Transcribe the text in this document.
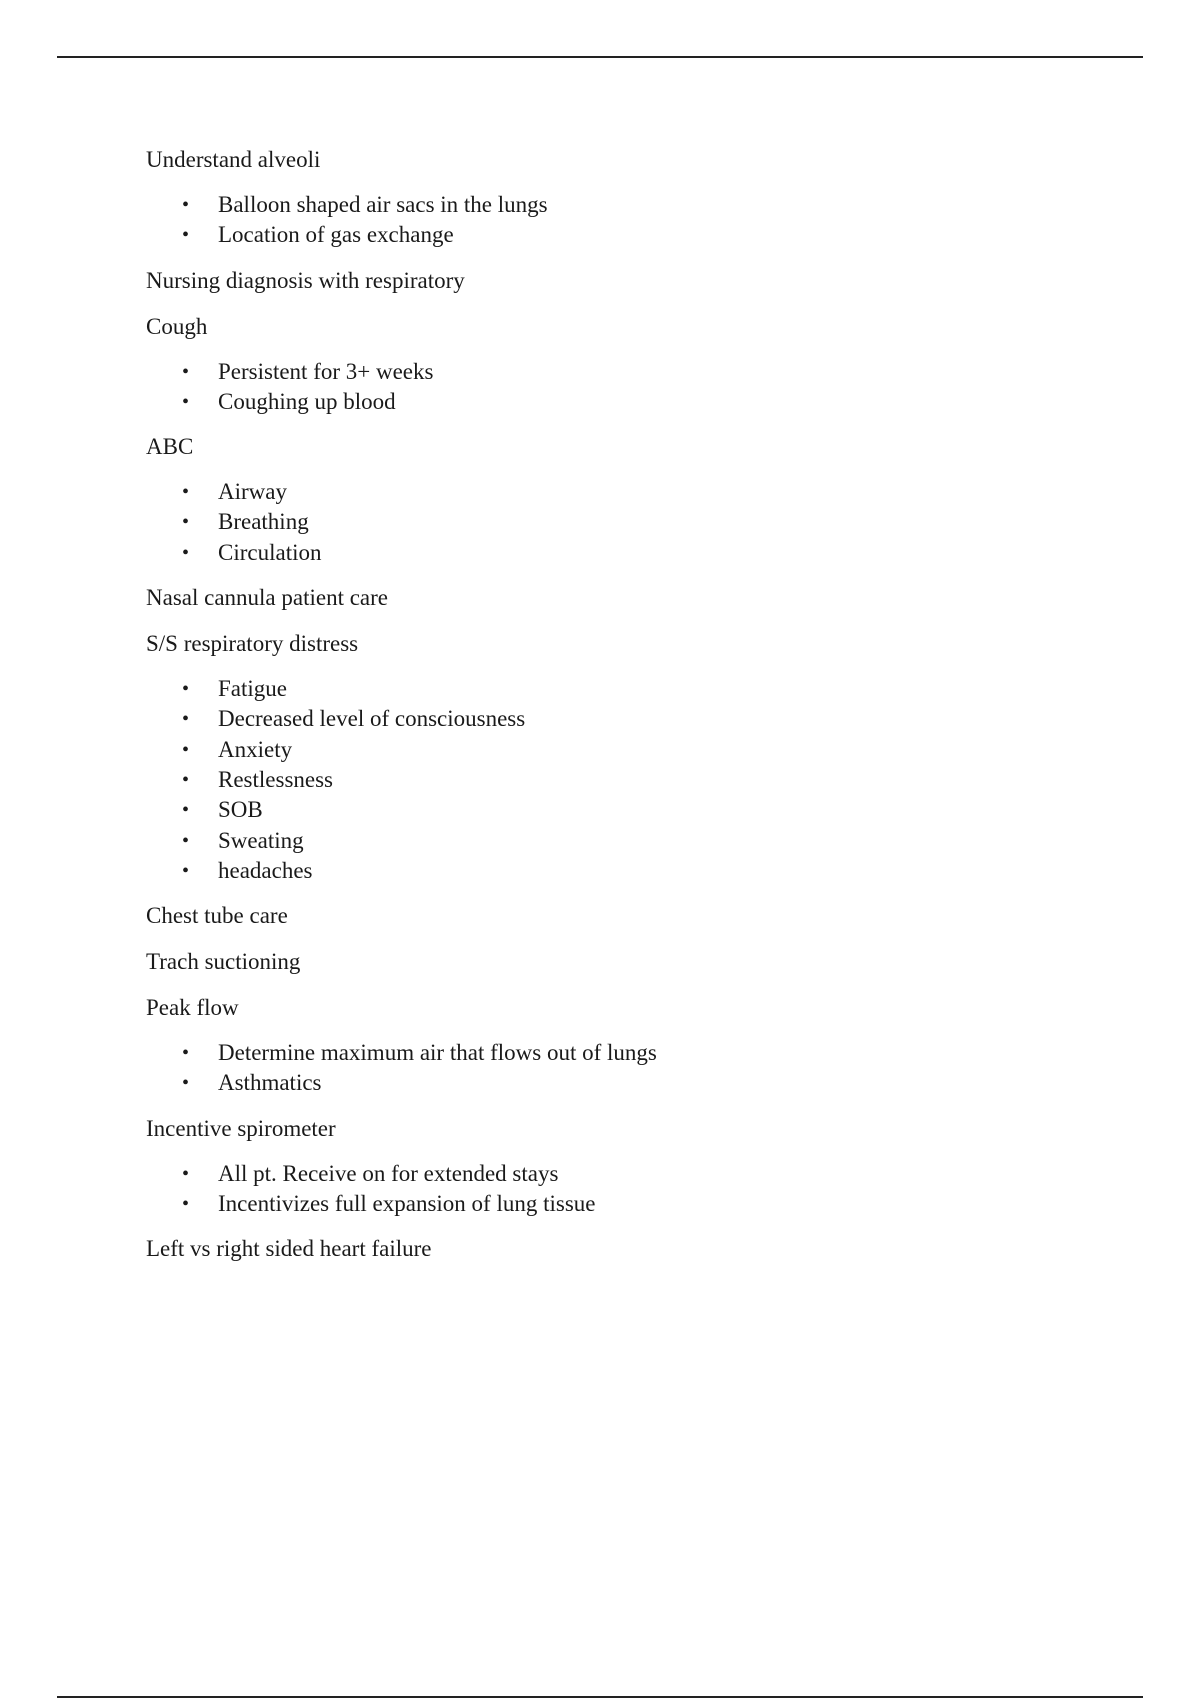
Understand alveoli

• Balloon shaped air sacs in the lungs
• Location of gas exchange

Nursing diagnosis with respiratory

Cough

• Persistent for 3+ weeks
• Coughing up blood

ABC

• Airway
• Breathing
• Circulation

Nasal cannula patient care

S/S respiratory distress

• Fatigue
• Decreased level of consciousness
• Anxiety
• Restlessness
• SOB
• Sweating
• headaches

Chest tube care

Trach suctioning

Peak flow

• Determine maximum air that flows out of lungs
• Asthmatics

Incentive spirometer

• All pt. Receive on for extended stays
• Incentivizes full expansion of lung tissue

Left vs right sided heart failure
